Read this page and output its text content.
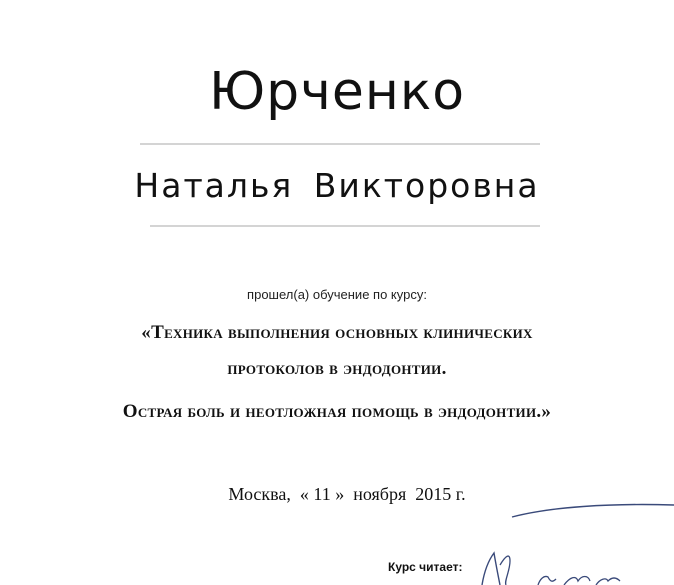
Юрченко
Наталья Викторовна
прошел(а) обучение по курсу:
«Техника выполнения основных клинических
протоколов в эндодонтии.
Острая боль и неотложная помощь в эндодонтии.»
Москва,  « 11 »  ноября  2015 г.
Курс читает:
